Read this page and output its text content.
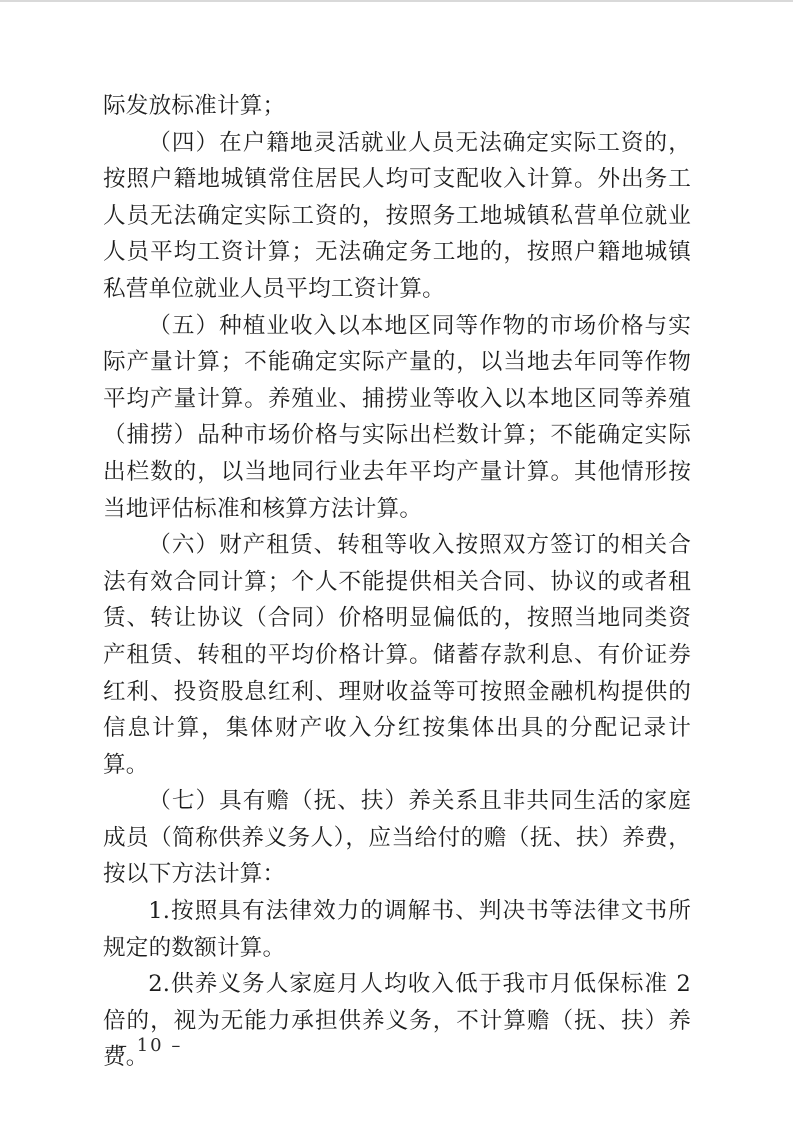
际发放标准计算；

（四）在户籍地灵活就业人员无法确定实际工资的，按照户籍地城镇常住居民人均可支配收入计算。外出务工人员无法确定实际工资的，按照务工地城镇私营单位就业人员平均工资计算；无法确定务工地的，按照户籍地城镇私营单位就业人员平均工资计算。

（五）种植业收入以本地区同等作物的市场价格与实际产量计算；不能确定实际产量的，以当地去年同等作物平均产量计算。养殖业、捕捞业等收入以本地区同等养殖（捕捞）品种市场价格与实际出栏数计算；不能确定实际出栏数的，以当地同行业去年平均产量计算。其他情形按当地评估标准和核算方法计算。

（六）财产租赁、转租等收入按照双方签订的相关合法有效合同计算；个人不能提供相关合同、协议的或者租赁、转让协议（合同）价格明显偏低的，按照当地同类资产租赁、转租的平均价格计算。储蓄存款利息、有价证券红利、投资股息红利、理财收益等可按照金融机构提供的信息计算，集体财产收入分红按集体出具的分配记录计算。

（七）具有赡（抚、扶）养关系且非共同生活的家庭成员（简称供养义务人），应当给付的赡（抚、扶）养费，按以下方法计算：

1.按照具有法律效力的调解书、判决书等法律文书所规定的数额计算。

2.供养义务人家庭月人均收入低于我市月低保标准 2 倍的，视为无能力承担供养义务，不计算赡（抚、扶）养费。

– 10 –
